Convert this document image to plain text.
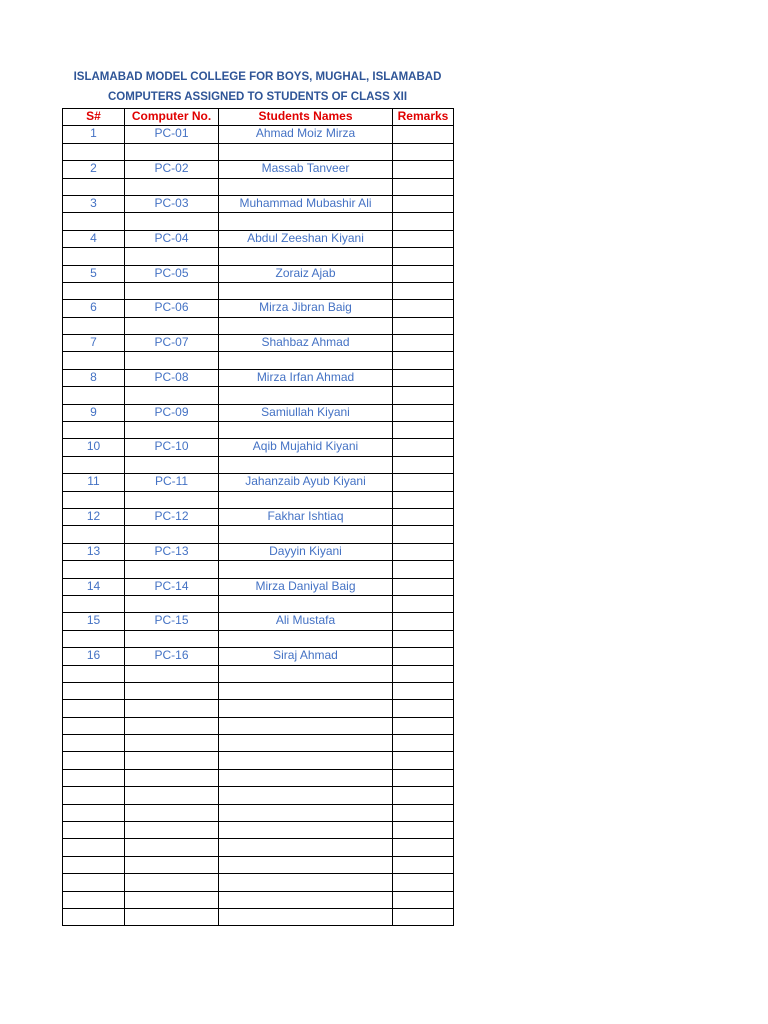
ISLAMABAD MODEL COLLEGE FOR BOYS, MUGHAL, ISLAMABAD
COMPUTERS ASSIGNED TO STUDENTS OF CLASS XII
S#	Computer No.	Students Names	Remarks
1	PC-01	Ahmad Moiz Mirza	

2	PC-02	Massab Tanveer	

3	PC-03	Muhammad Mubashir Ali	

4	PC-04	Abdul Zeeshan Kiyani	

5	PC-05	Zoraiz Ajab	

6	PC-06	Mirza Jibran Baig	

7	PC-07	Shahbaz Ahmad	

8	PC-08	Mirza Irfan Ahmad	

9	PC-09	Samiullah Kiyani	

10	PC-10	Aqib Mujahid Kiyani	

11	PC-11	Jahanzaib Ayub Kiyani	

12	PC-12	Fakhar Ishtiaq	

13	PC-13	Dayyin Kiyani	

14	PC-14	Mirza Daniyal Baig	

15	PC-15	Ali Mustafa	

16	PC-16	Siraj Ahmad	
